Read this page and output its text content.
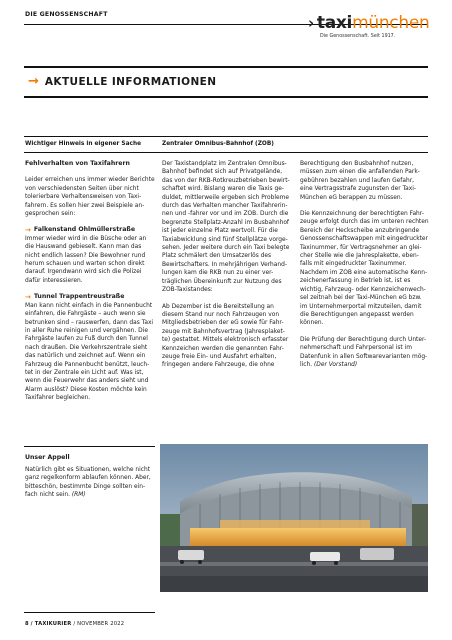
DIE GENOSSENSCHAFT	› taxi münchen
Die Genossenschaft. Seit 1917.
→ AKTUELLE INFORMATIONEN
Wichtiger Hinweis in eigener Sache	Zentraler Omnibus-Bahnhof (ZOB)
Fehlverhalten von Taxifahrern

Leider erreichen uns immer wieder Berichte
von verschiedensten Seiten über nicht
tolerierbare Verhaltensweisen von Taxi-
fahrern. Es sollen hier zwei Beispiele an-
gesprochen sein:

→ Falkenstand Ohlmüllerstraße

Immer wieder wird in die Büsche oder an
die Hauswand gebieselt. Kann man das
nicht endlich lassen? Die Bewohner rund
herum schauen und warten schon direkt
darauf. Irgendwann wird sich die Polizei
dafür interessieren.

→ Tunnel Trappentreustraße

Man kann nicht einfach in die Pannenbucht
einfahren, die Fahrgäste – auch wenn sie
betrunken sind – rauswerfen, dann das Taxi
in aller Ruhe reinigen und vergähnen. Die
Fahrgäste laufen zu Fuß durch den Tunnel
nach draußen. Die Verkehrszentrale sieht
das natürlich und zeichnet auf. Wenn ein
Fahrzeug die Pannenbucht benützt, leuch-
tet in der Zentrale ein Licht auf. Was ist,
wenn die Feuerwehr das anders sieht und
Alarm auslöst? Diese Kosten möchte kein
Taxifahrer begleichen.

Der Taxistandplatz im Zentralen Omnibus-
Bahnhof befindet sich auf Privatgelände,
das von der RKB-Rotkreuzbetrieben bewirt-
schaftet wird. Bislang waren die Taxis ge-
duldet, mittlerweile ergeben sich Probleme
durch das Verhalten mancher Taxifahrerin-
nen und -fahrer vor und im ZOB. Durch die
begrenzte Stellplatz-Anzahl im Busbahnhof
ist jeder einzelne Platz wertvoll. Für die
Taxiabwicklung sind fünf Stellplätze vorge-
sehen. Jeder weitere durch ein Taxi belegte
Platz schmälert den Umsatzerlös des
Bewirtschafters. In mehrjährigen Verhand-
lungen kam die RKB nun zu einer ver-
träglichen Übereinkunft zur Nutzung des
ZOB-Taxistandes:

Ab Dezember ist die Bereitstellung an
diesem Stand nur noch Fahrzeugen von
Mitgliedsbetrieben der eG sowie für Fahr-
zeuge mit Bahnhofsvertrag (Jahresplaket-
te) gestattet. Mittels elektronisch erfasster
Kennzeichen werden die genannten Fahr-
zeuge freie Ein- und Ausfahrt erhalten,
fringegen andere Fahrzeuge, die ohne

Berechtigung den Busbahnhof nutzen,
müssen zum einen die anfallenden Park-
gebühren bezahlen und laufen Gefahr,
eine Vertragsstrafe zugunsten der Taxi-
München eG berappen zu müssen.

Die Kennzeichnung der berechtigten Fahr-
zeuge erfolgt durch das im unteren rechten
Bereich der Heckscheibe anzubringende
Genossenschaftswappen mit eingedruckter
Taxinummer, für Vertragsnehmer an glei-
cher Stelle wie die Jahresplakette, eben-
falls mit eingedruckter Taxinummer.
Nachdem im ZOB eine automatische Kenn-
zeichenerfassung in Betrieb ist, ist es
wichtig, Fahrzeug- oder Kennzeichenwech-
sel zeitnah bei der Taxi-München eG bzw.
im Unternehmerportal mitzuteilen, damit
die Berechtigungen angepasst werden
können.

Die Prüfung der Berechtigung durch Unter-
nehmerschaft und Fahrpersonal ist im
Datenfunk in allen Softwarevarianten mög-
lich. (Der Vorstand)

Unser Appell
Natürlich gibt es Situationen, welche nicht
ganz regelkonform ablaufen können. Aber,
bitteschön, bestimmte Dinge sollten ein-
fach nicht sein. (RM)
8 / TAXIKURIER / NOVEMBER 2022
